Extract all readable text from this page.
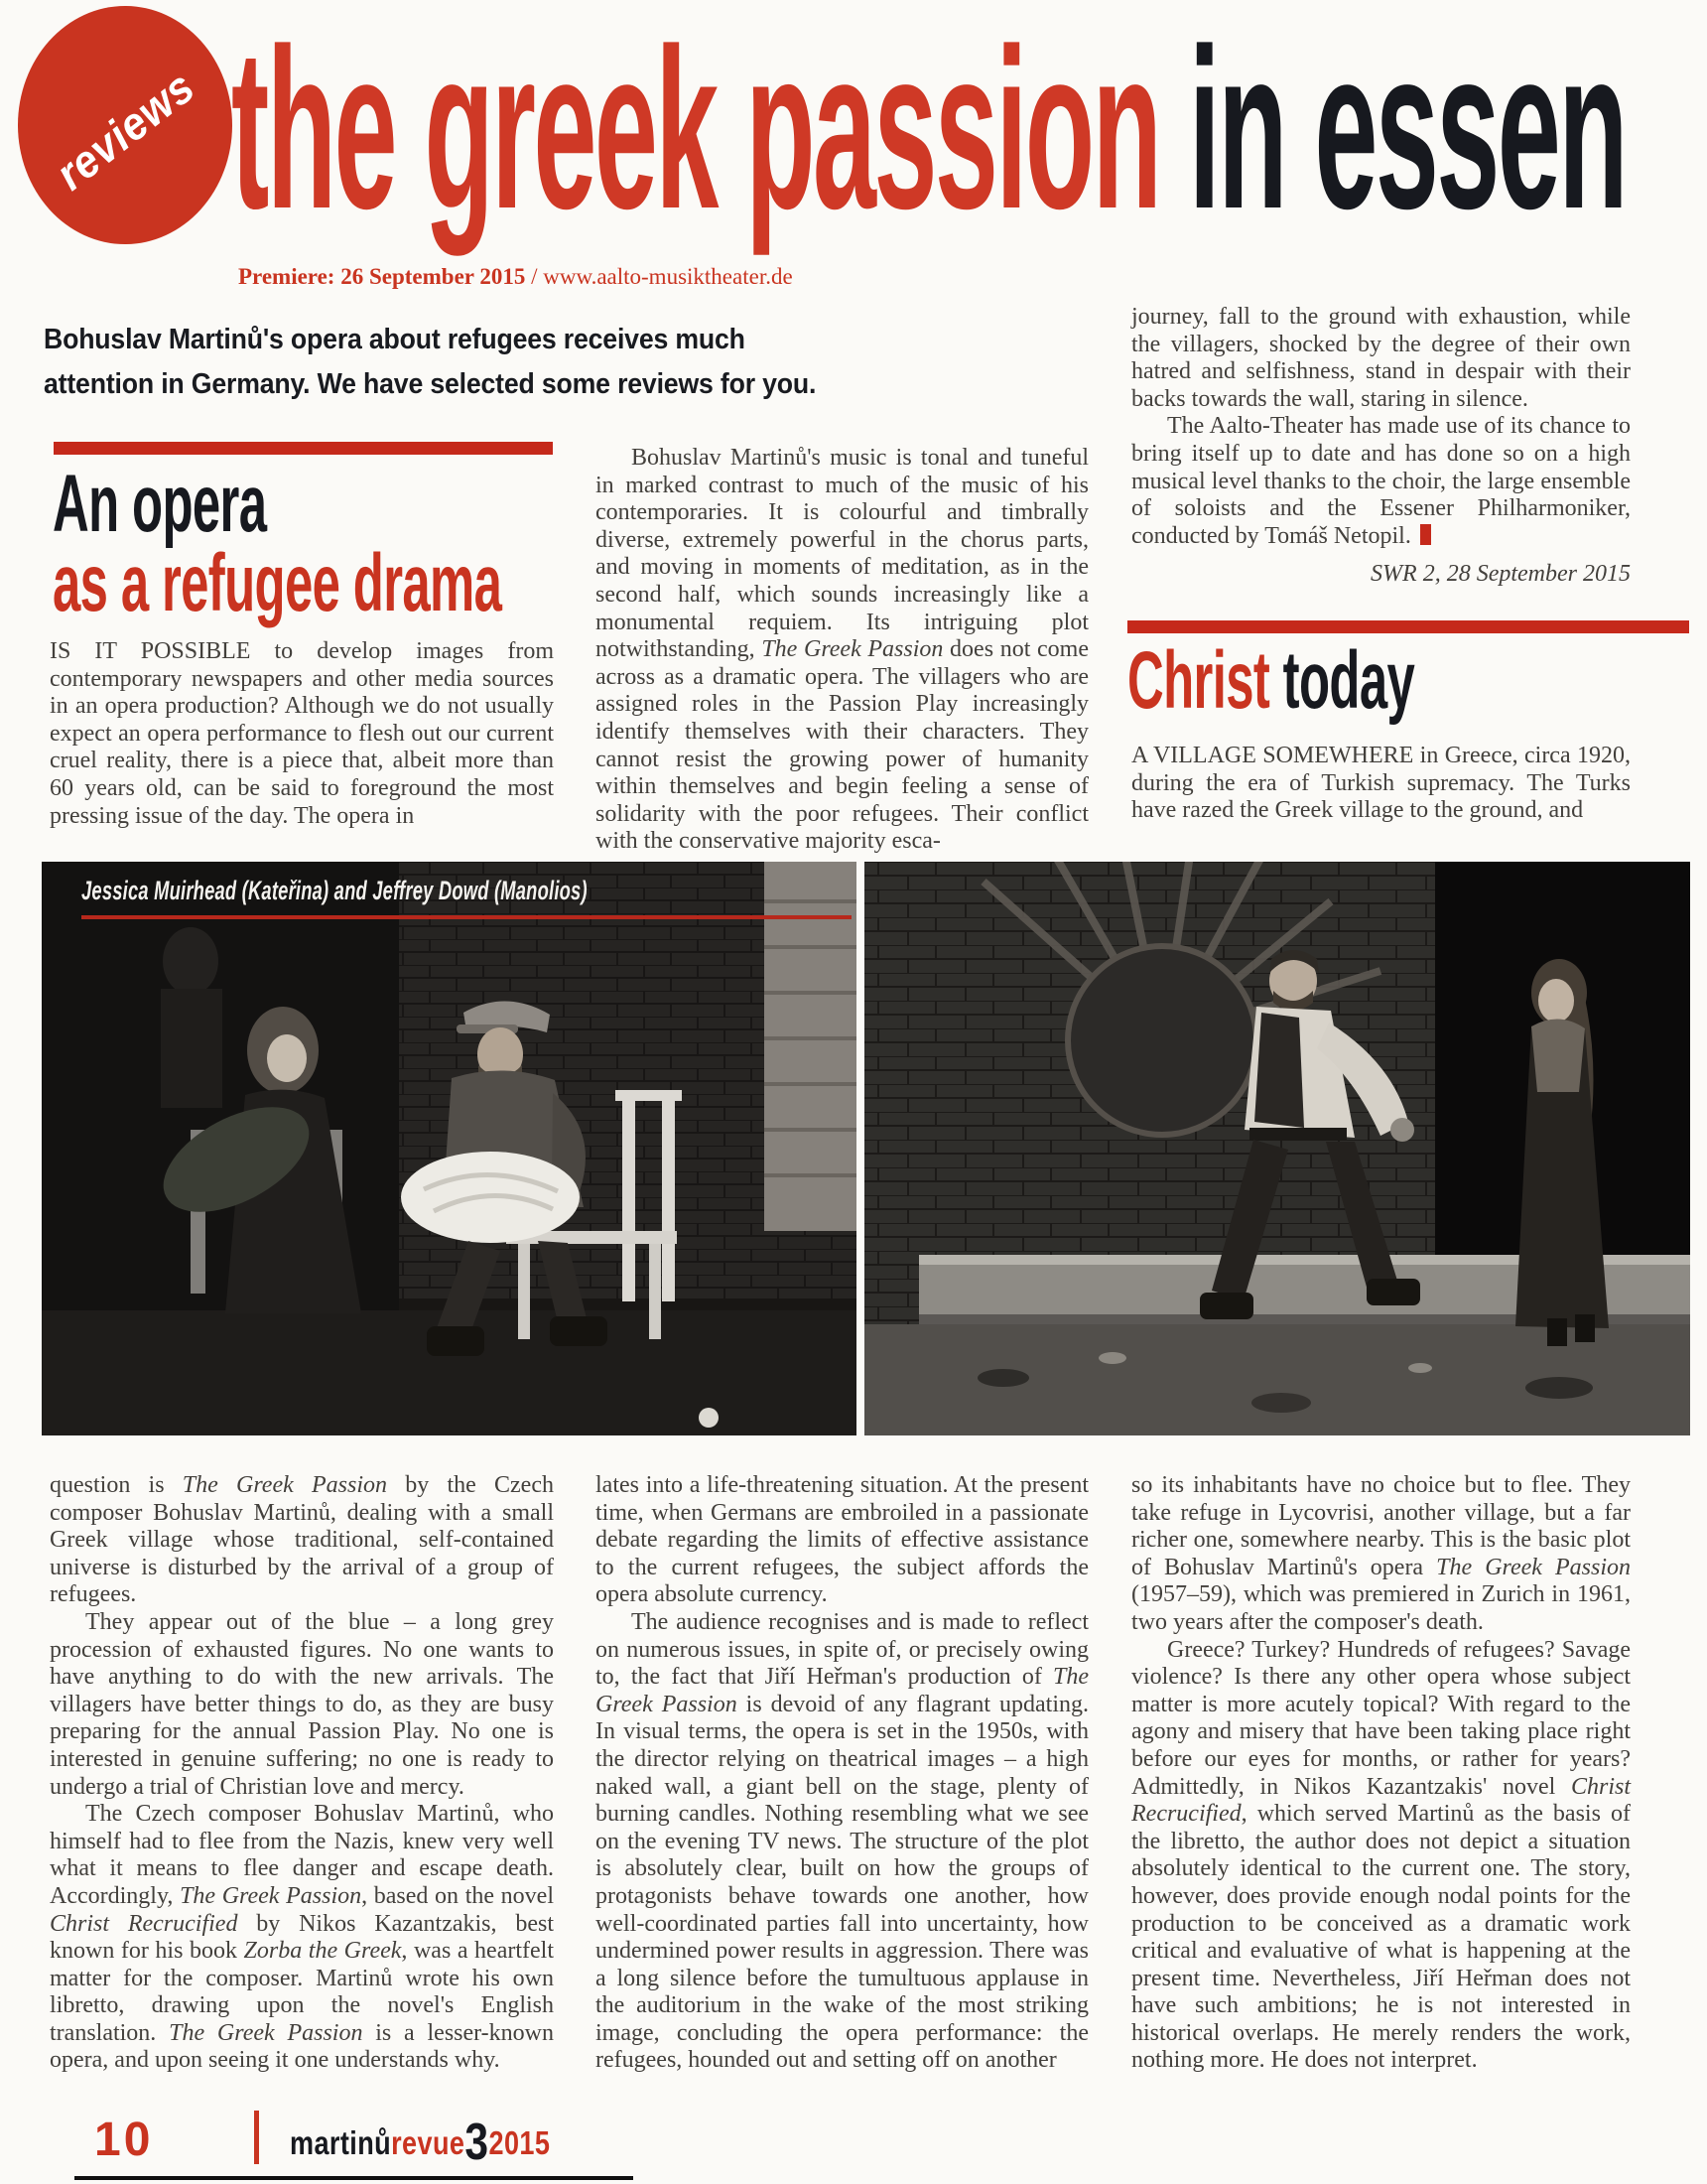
reviews the greek passion in essen
Premiere: 26 September 2015 / www.aalto-musiktheater.de
Bohuslav Martinů's opera about refugees receives much
attention in Germany. We have selected some reviews for you.
An opera
as a refugee drama

IS IT POSSIBLE to develop images from contemporary newspapers and other media sources in an opera production? Although we do not usually expect an opera performance to flesh out our current cruel reality, there is a piece that, albeit more than 60 years old, can be said to foreground the most pressing issue of the day. The opera in

Bohuslav Martinů's music is tonal and tuneful in marked contrast to much of the music of his contemporaries. It is colourful and timbrally diverse, extremely powerful in the chorus parts, and moving in moments of meditation, as in the second half, which sounds increasingly like a monumental requiem. Its intriguing plot notwithstanding, The Greek Passion does not come across as a dramatic opera. The villagers who are assigned roles in the Passion Play increasingly identify themselves with their characters. They cannot resist the growing power of humanity within themselves and begin feeling a sense of solidarity with the poor refugees. Their conflict with the conservative majority esca-

journey, fall to the ground with exhaustion, while the villagers, shocked by the degree of their own hatred and selfishness, stand in despair with their backs towards the wall, staring in silence.

The Aalto-Theater has made use of its chance to bring itself up to date and has done so on a high musical level thanks to the choir, the large ensemble of soloists and the Essener Philharmoniker, conducted by Tomáš Netopil.

SWR 2, 28 September 2015
Christ today

A VILLAGE SOMEWHERE in Greece, circa 1920, during the era of Turkish supremacy. The Turks have razed the Greek village to the ground, and

Jessica Muirhead (Kateřina) and Jeffrey Dowd (Manolios)

question is The Greek Passion by the Czech composer Bohuslav Martinů, dealing with a small Greek village whose traditional, self-contained universe is disturbed by the arrival of a group of refugees.

They appear out of the blue – a long grey procession of exhausted figures. No one wants to have anything to do with the new arrivals. The villagers have better things to do, as they are busy preparing for the annual Passion Play. No one is interested in genuine suffering; no one is ready to undergo a trial of Christian love and mercy.

The Czech composer Bohuslav Martinů, who himself had to flee from the Nazis, knew very well what it means to flee danger and escape death. Accordingly, The Greek Passion, based on the novel Christ Recrucified by Nikos Kazantzakis, best known for his book Zorba the Greek, was a heartfelt matter for the composer. Martinů wrote his own libretto, drawing upon the novel's English translation. The Greek Passion is a lesser-known opera, and upon seeing it one understands why.

lates into a life-threatening situation. At the present time, when Germans are embroiled in a passionate debate regarding the limits of effective assistance to the current refugees, the subject affords the opera absolute currency.

The audience recognises and is made to reflect on numerous issues, in spite of, or precisely owing to, the fact that Jiří Heřman's production of The Greek Passion is devoid of any flagrant updating. In visual terms, the opera is set in the 1950s, with the director relying on theatrical images – a high naked wall, a giant bell on the stage, plenty of burning candles. Nothing resembling what we see on the evening TV news. The structure of the plot is absolutely clear, built on how the groups of protagonists behave towards one another, how well-coordinated parties fall into uncertainty, how undermined power results in aggression. There was a long silence before the tumultuous applause in the auditorium in the wake of the most striking image, concluding the opera performance: the refugees, hounded out and setting off on another

so its inhabitants have no choice but to flee. They take refuge in Lycovrisi, another village, but a far richer one, somewhere nearby. This is the basic plot of Bohuslav Martinů's opera The Greek Passion (1957–59), which was premiered in Zurich in 1961, two years after the composer's death.

Greece? Turkey? Hundreds of refugees? Savage violence? Is there any other opera whose subject matter is more acutely topical? With regard to the agony and misery that have been taking place right before our eyes for months, or rather for years? Admittedly, in Nikos Kazantzakis' novel Christ Recrucified, which served Martinů as the basis of the libretto, the author does not depict a situation absolutely identical to the current one. The story, however, does provide enough nodal points for the production to be conceived as a dramatic work critical and evaluative of what is happening at the present time. Nevertheless, Jiří Heřman does not have such ambitions; he is not interested in historical overlaps. He merely renders the work, nothing more. He does not interpret.

10	martinů revue 3 2015
